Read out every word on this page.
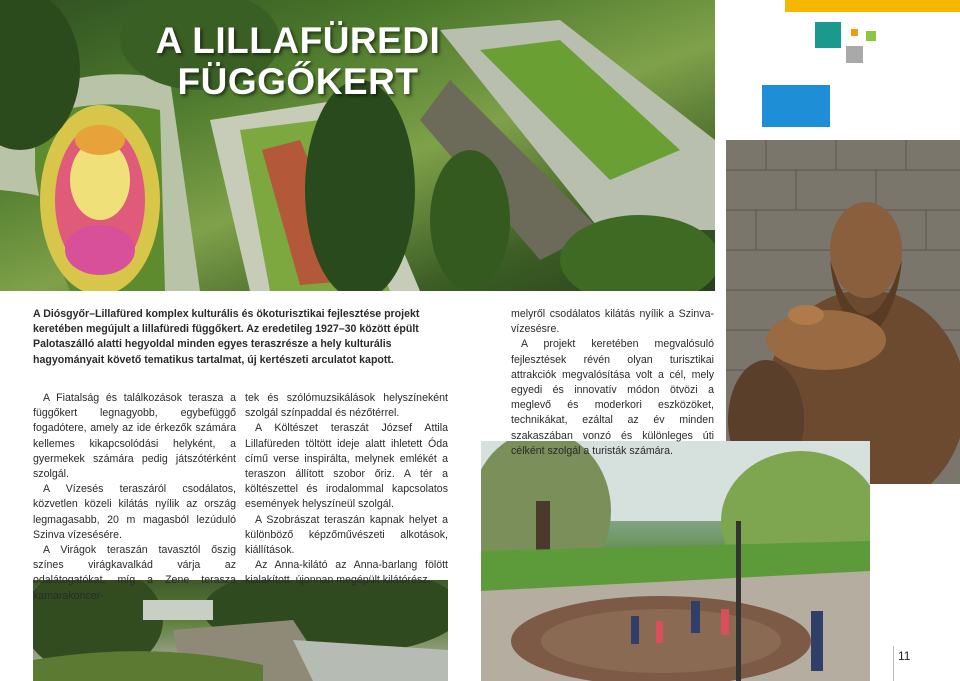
A LILLAFÜREDI
FÜGGŐKERT
A Diósgyőr–Lillafüred komplex kulturális és ökoturisztikai fejlesztése projekt keretében megújult a lillafüredi függőkert. Az eredetileg 1927–30 között épült Palotaszálló alatti hegyoldal minden egyes teraszrésze a hely kulturális hagyományait követő tematikus tartalmat, új kertészeti arculatot kapott.

A Fiatalság és találkozások terasza a függőkert legnagyobb, egybefüggő fogadótere, amely az ide érkezők számára kellemes kikapcsolódási helyként, a gyermekek számára pedig játszótérként szolgál.

A Vízesés teraszáról csodálatos, közvetlen közeli kilátás nyílik az ország legmagasabb, 20 m magasból lezúduló Szinva vízesésére.

A Virágok teraszán tavasztól őszig színes virágkavalkád várja az odalátogatókat, míg a Zene terasza kamarakoncer-

tek és szólómuzsikálások helyszíneként szolgál színpaddal és nézőtérrel.

A Költészet teraszát József Attila Lillafüreden töltött ideje alatt ihletett Óda című verse inspirálta, melynek emlékét a teraszon állított szobor őriz. A tér a költészettel és irodalommal kapcsolatos események helyszíneül szolgál.

A Szobrászat teraszán kapnak helyet a különböző képzőművészeti alkotások, kiállítások.

Az Anna-kilátó az Anna-barlang fölött kialakított, újonnan megépült kilátórész,

melyről csodálatos kilátás nyílik a Szinva-vízesésre.

A projekt keretében megvalósuló fejlesztések révén olyan turisztikai attrakciók megvalósítása volt a cél, mely egyedi és innovatív módon ötvözi a meglevő és moderkori eszközöket, technikákat, ezáltal az év minden szakaszában vonzó és különleges úti célként szolgál a turisták számára.

11
